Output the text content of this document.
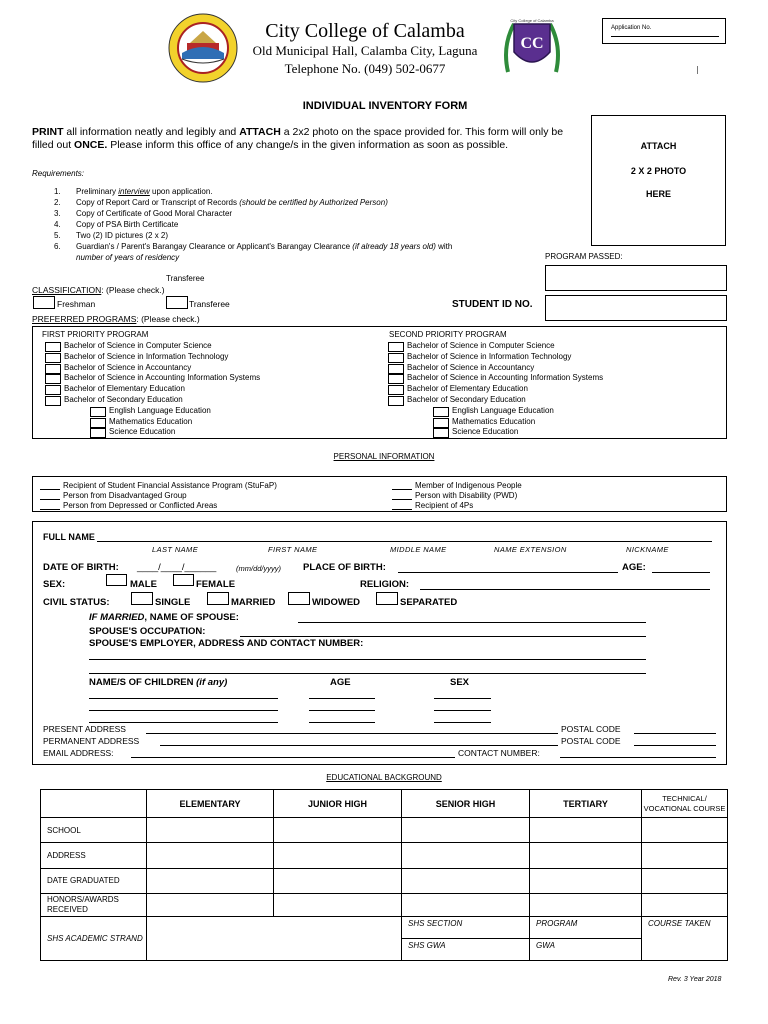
City College of Calamba
Old Municipal Hall, Calamba City, Laguna
Telephone No. (049) 502-0677
CC
City College of Calamba
Application No.
INDIVIDUAL INVENTORY FORM
PRINT all information neatly and legibly and ATTACH a 2x2 photo on the space provided for. This form will only be filled out ONCE. Please inform this office of any change/s in the given information as soon as possible.	ATTACH
2 X 2 PHOTO
HERE
Requirements:
1. Preliminary interview upon application.
2. Copy of Report Card or Transcript of Records (should be certified by Authorized Person)
3. Copy of Certificate of Good Moral Character
4. Copy of PSA Birth Certificate
5. Two (2) ID pictures (2 x 2)
6. Guardian's / Parent's Barangay Clearance or Applicant's Barangay Clearance (if already 18 years old) with
number of years of residency	PROGRAM PASSED:
STUDENT ID NO.
Transferee
CLASSIFICATION: (Please check.)
Freshman	Transferee
PREFERRED PROGRAMS: (Please check.)
FIRST PRIORITY PROGRAM	SECOND PRIORITY PROGRAM
Bachelor of Science in Computer Science
Bachelor of Science in Information Technology
Bachelor of Science in Accountancy
Bachelor of Science in Accounting Information Systems
Bachelor of Elementary Education
Bachelor of Secondary Education
English Language Education
Mathematics Education
Science Education
Bachelor of Science in Computer Science
Bachelor of Science in Information Technology
Bachelor of Science in Accountancy
Bachelor of Science in Accounting Information Systems
Bachelor of Elementary Education
Bachelor of Secondary Education
English Language Education
Mathematics Education
Science Education
PERSONAL INFORMATION
Recipient of Student Financial Assistance Program (StuFaP)
Person from Disadvantaged Group
Person from Depressed or Conflicted Areas
Member of Indigenous People
Person with Disability (PWD)
Recipient of 4Ps
FULL NAME
LAST NAME	FIRST NAME	MIDDLE NAME	NAME EXTENSION	NICKNAME
DATE OF BIRTH: ____/____/______	(mm/dd/yyyy) PLACE OF BIRTH:	AGE:
SEX:	MALE	FEMALE	RELIGION:
CIVIL STATUS:	SINGLE	MARRIED	WIDOWED	SEPARATED
IF MARRIED, NAME OF SPOUSE:
SPOUSE'S OCCUPATION:
SPOUSE'S EMPLOYER, ADDRESS AND CONTACT NUMBER:
NAME/S OF CHILDREN (if any)	AGE	SEX
PRESENT ADDRESS	POSTAL CODE
PERMANENT ADDRESS	POSTAL CODE
EMAIL ADDRESS:	CONTACT NUMBER:
EDUCATIONAL BACKGROUND
	ELEMENTARY	JUNIOR HIGH	SENIOR HIGH	TERTIARY	TECHNICAL/ VOCATIONAL COURSE
SCHOOL					
ADDRESS					
DATE GRADUATED					
HONORS/AWARDS RECEIVED					
SHS ACADEMIC STRAND			SHS SECTION	PROGRAM	COURSE TAKEN
			SHS GWA	GWA	
Rev. 3 Year 2018
